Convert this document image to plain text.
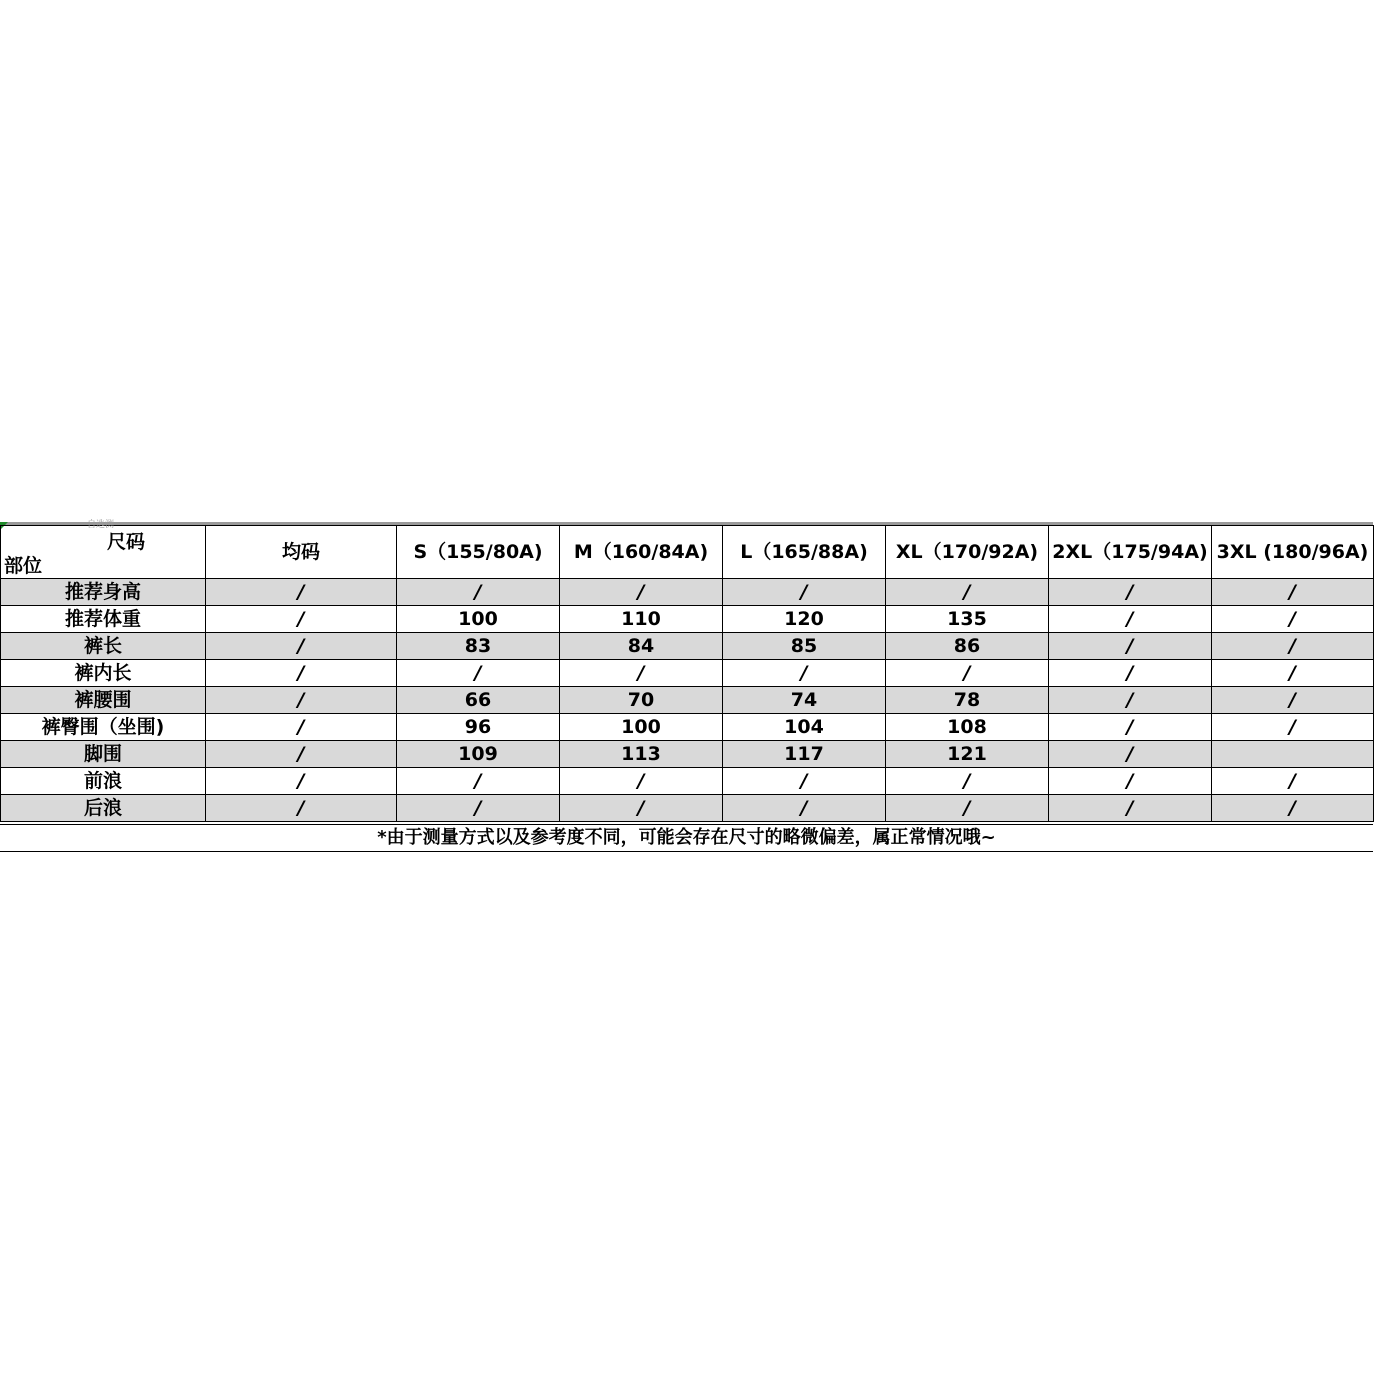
自选测
尺码
部位	均码	S（155/80A)	M（160/84A)	L（165/88A)	XL（170/92A)	2XL（175/94A)	3XL (180/96A)
推荐身高	/	/	/	/	/	/	/
推荐体重	/	100	110	120	135	/	/
裤长	/	83	84	85	86	/	/
裤内长	/	/	/	/	/	/	/
裤腰围	/	66	70	74	78	/	/
裤臀围（坐围)	/	96	100	104	108	/	/
脚围	/	109	113	117	121	/	
前浪	/	/	/	/	/	/	/
后浪	/	/	/	/	/	/	/
*由于测量方式以及参考度不同，可能会存在尺寸的略微偏差，属正常情况哦~
